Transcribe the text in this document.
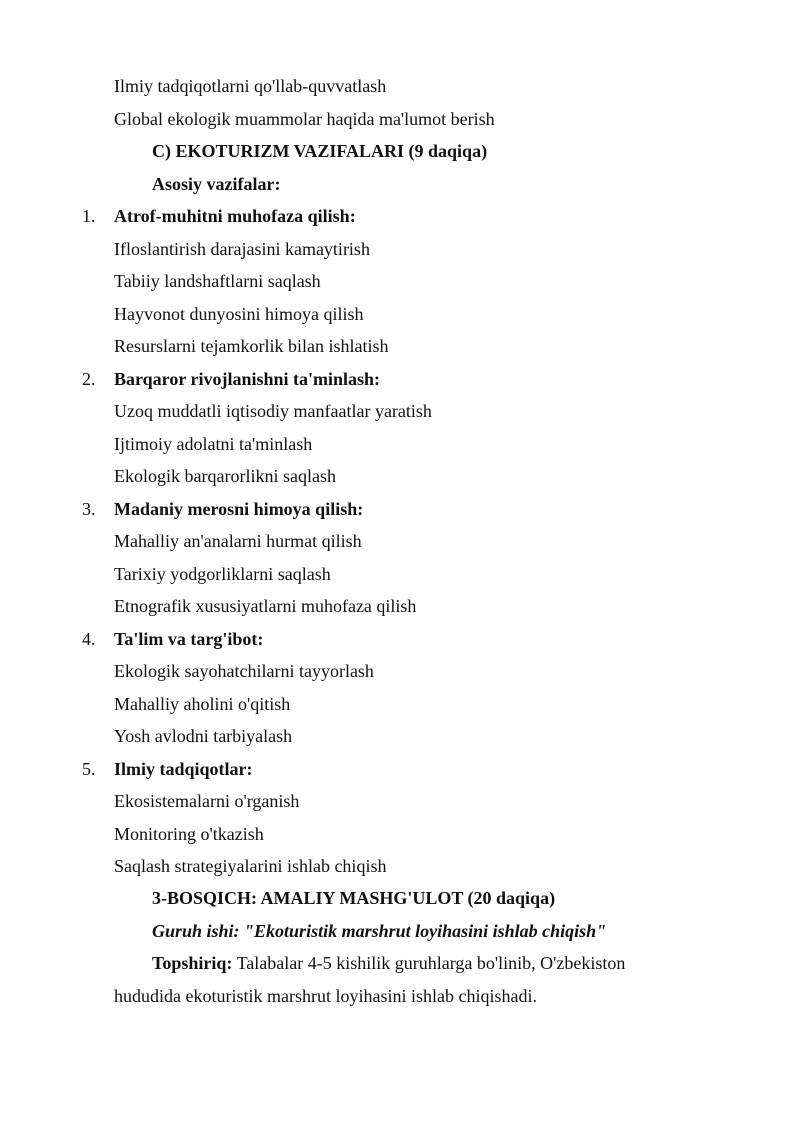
Ilmiy tadqiqotlarni qo'llab-quvvatlash
Global ekologik muammolar haqida ma'lumot berish
C) EKOTURIZM VAZIFALARI (9 daqiqa)
Asosiy vazifalar:
1. Atrof-muhitni muhofaza qilish:
Ifloslantirish darajasini kamaytirish
Tabiiy landshaftlarni saqlash
Hayvonot dunyosini himoya qilish
Resurslarni tejamkorlik bilan ishlatish
2. Barqaror rivojlanishni ta'minlash:
Uzoq muddatli iqtisodiy manfaatlar yaratish
Ijtimoiy adolatni ta'minlash
Ekologik barqarorlikni saqlash
3. Madaniy merosni himoya qilish:
Mahalliy an'analarni hurmat qilish
Tarixiy yodgorliklarni saqlash
Etnografik xususiyatlarni muhofaza qilish
4. Ta'lim va targ'ibot:
Ekologik sayohatchilarni tayyorlash
Mahalliy aholini o'qitish
Yosh avlodni tarbiyalash
5. Ilmiy tadqiqotlar:
Ekosistemalarni o'rganish
Monitoring o'tkazish
Saqlash strategiyalarini ishlab chiqish
3-BOSQICH: AMALIY MASHG'ULOT (20 daqiqa)
Guruh ishi: "Ekoturistik marshrut loyihasini ishlab chiqish"
Topshiriq: Talabalar 4-5 kishilik guruhlarga bo'linib, O'zbekiston
hududida ekoturistik marshrut loyihasini ishlab chiqishadi.
